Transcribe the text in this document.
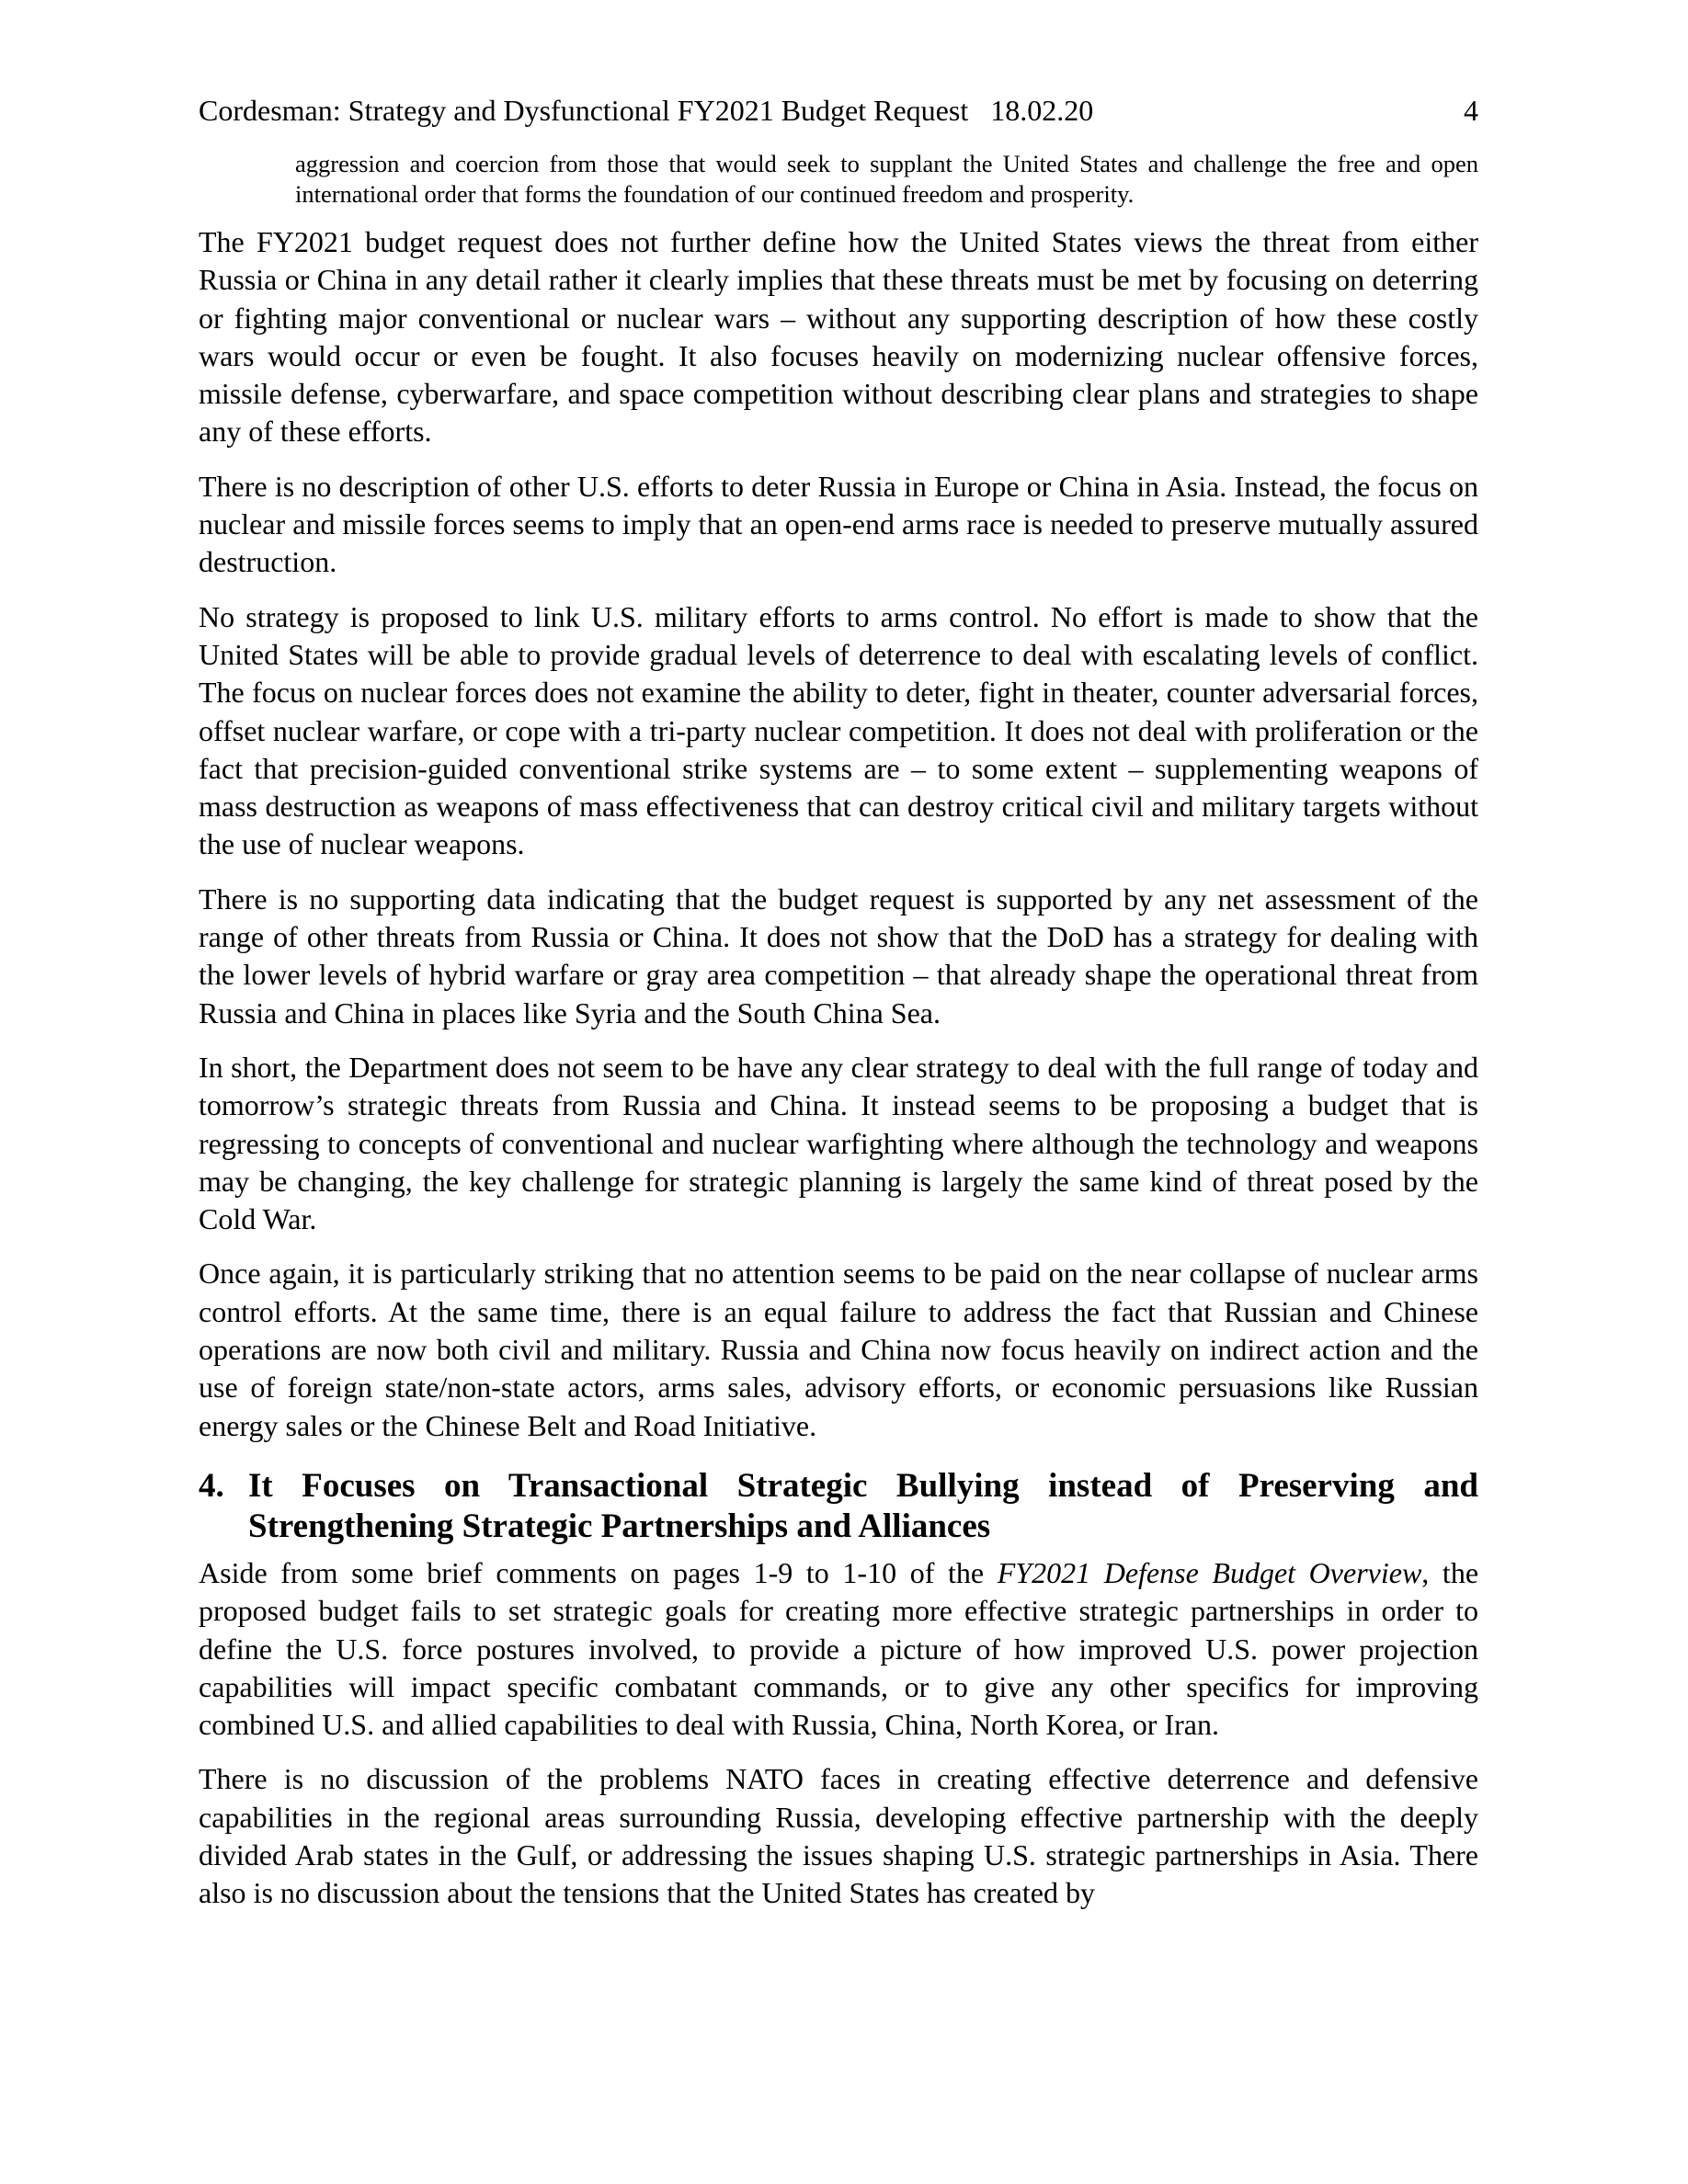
Cordesman: Strategy and Dysfunctional FY2021 Budget Request   18.02.20	4
aggression and coercion from those that would seek to supplant the United States and challenge the free and open international order that forms the foundation of our continued freedom and prosperity.

The FY2021 budget request does not further define how the United States views the threat from either Russia or China in any detail rather it clearly implies that these threats must be met by focusing on deterring or fighting major conventional or nuclear wars – without any supporting description of how these costly wars would occur or even be fought. It also focuses heavily on modernizing nuclear offensive forces, missile defense, cyberwarfare, and space competition without describing clear plans and strategies to shape any of these efforts.

There is no description of other U.S. efforts to deter Russia in Europe or China in Asia. Instead, the focus on nuclear and missile forces seems to imply that an open-end arms race is needed to preserve mutually assured destruction.

No strategy is proposed to link U.S. military efforts to arms control. No effort is made to show that the United States will be able to provide gradual levels of deterrence to deal with escalating levels of conflict. The focus on nuclear forces does not examine the ability to deter, fight in theater, counter adversarial forces, offset nuclear warfare, or cope with a tri-party nuclear competition. It does not deal with proliferation or the fact that precision-guided conventional strike systems are – to some extent – supplementing weapons of mass destruction as weapons of mass effectiveness that can destroy critical civil and military targets without the use of nuclear weapons.

There is no supporting data indicating that the budget request is supported by any net assessment of the range of other threats from Russia or China. It does not show that the DoD has a strategy for dealing with the lower levels of hybrid warfare or gray area competition – that already shape the operational threat from Russia and China in places like Syria and the South China Sea.

In short, the Department does not seem to be have any clear strategy to deal with the full range of today and tomorrow’s strategic threats from Russia and China. It instead seems to be proposing a budget that is regressing to concepts of conventional and nuclear warfighting where although the technology and weapons may be changing, the key challenge for strategic planning is largely the same kind of threat posed by the Cold War.

Once again, it is particularly striking that no attention seems to be paid on the near collapse of nuclear arms control efforts. At the same time, there is an equal failure to address the fact that Russian and Chinese operations are now both civil and military. Russia and China now focus heavily on indirect action and the use of foreign state/non-state actors, arms sales, advisory efforts, or economic persuasions like Russian energy sales or the Chinese Belt and Road Initiative.

4. It Focuses on Transactional Strategic Bullying instead of Preserving and Strengthening Strategic Partnerships and Alliances

Aside from some brief comments on pages 1-9 to 1-10 of the FY2021 Defense Budget Overview, the proposed budget fails to set strategic goals for creating more effective strategic partnerships in order to define the U.S. force postures involved, to provide a picture of how improved U.S. power projection capabilities will impact specific combatant commands, or to give any other specifics for improving combined U.S. and allied capabilities to deal with Russia, China, North Korea, or Iran.

There is no discussion of the problems NATO faces in creating effective deterrence and defensive capabilities in the regional areas surrounding Russia, developing effective partnership with the deeply divided Arab states in the Gulf, or addressing the issues shaping U.S. strategic partnerships in Asia. There also is no discussion about the tensions that the United States has created by
